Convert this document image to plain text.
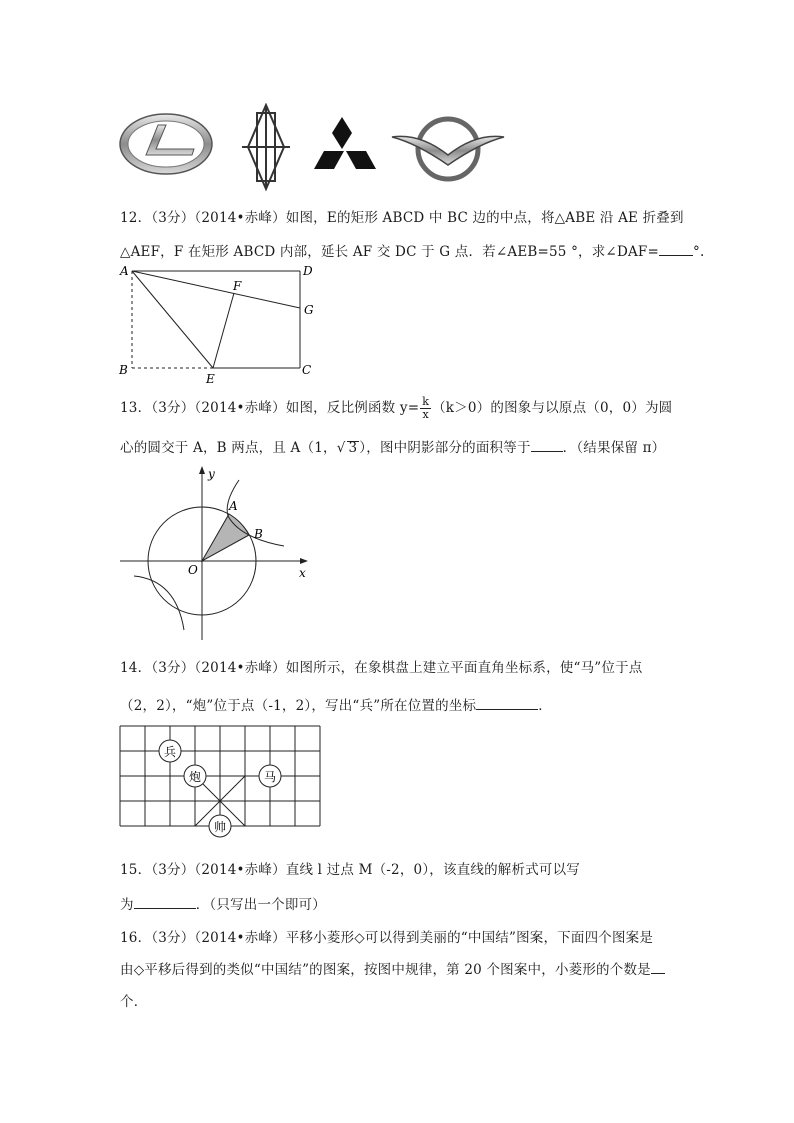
12．（3分）（2014•赤峰）如图，E的矩形 ABCD 中 BC 边的中点，将△ABE 沿 AE 折叠到
△AEF，F 在矩形 ABCD 内部，延长 AF 交 DC 于 G 点．若∠AEB=55 °，求∠DAF=	°.
A	D
F
G
B
E
C
13．（3分）（2014•赤峰）如图，反比例函数 $y= \frac{k}{x} (k>0)$的图象与以原点（0，0）为圆
心的圆交于 A，B 两点，且 A（1，√ 3 ），图中阴影部分的面积等于 ．（结果保留 π）
y
x
O
A
B
14．（3分）（2014•赤峰）如图所示，在象棋盘上建立平面直角坐标系，使“马”位于点
（2，2），“炮”位于点（-1，2），写出“兵”所在位置的坐标	．
兵
炮	马
帅
15．（3分）（2014•赤峰）直线 l 过点 M（-2，0），该直线的解析式可以写
为	．（只写出一个即可）
16．（3分）（2014•赤峰）平移小菱形◇可以得到美丽的“中国结”图案，下面四个图案是
由◇平移后得到的类似“中国结”的图案，按图中规律，第 20 个图案中，小菱形的个数是
个．
